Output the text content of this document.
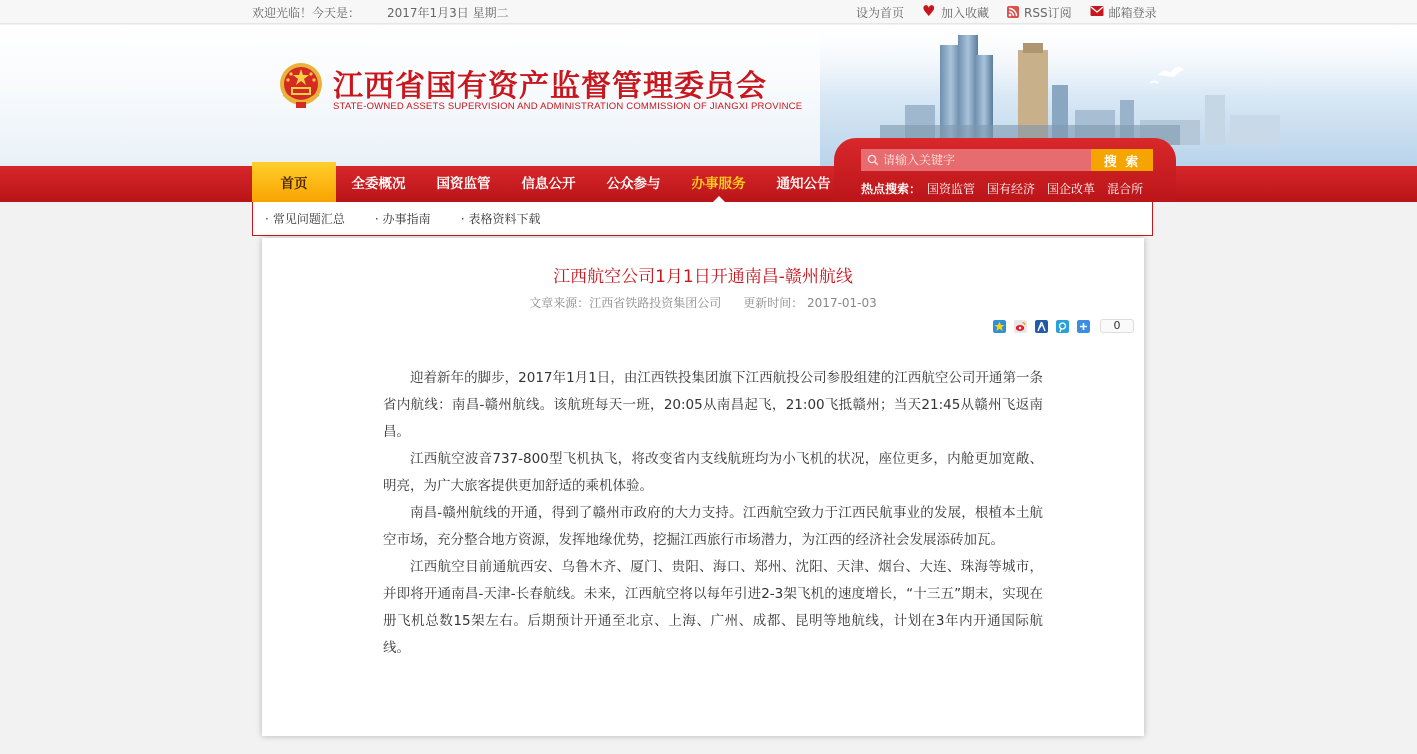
欢迎光临！今天是： 2017年1月3日 星期二	设为首页 ♥	加入收藏	RSS订阅	邮箱登录
江西省国有资产监督管理委员会
STATE-OWNED ASSETS SUPERVISION AND ADMINISTRATION COMMISSION OF JIANGXI PROVINCE
首页	全委概况	国资监管	信息公开	公众参与	办事服务	通知公告
请输入关键字
搜 索
热点搜索： 国资监管 国有经济 国企改革 混合所
· 常见问题汇总	· 办事指南	· 表格资料下载
江西航空公司1月1日开通南昌-赣州航线
文章来源：江西省铁路投资集团公司 更新时间： 2017-01-03
0

迎着新年的脚步，2017年1月1日，由江西铁投集团旗下江西航投公司参股组建的江西航空公司开通第一条省内航线：南昌-赣州航线。该航班每天一班，20:05从南昌起飞，21:00飞抵赣州；当天21:45从赣州飞返南昌。

江西航空波音737-800型飞机执飞，将改变省内支线航班均为小飞机的状况，座位更多，内舱更加宽敞、明亮，为广大旅客提供更加舒适的乘机体验。

南昌-赣州航线的开通，得到了赣州市政府的大力支持。江西航空致力于江西民航事业的发展，根植本土航空市场，充分整合地方资源，发挥地缘优势，挖掘江西旅行市场潜力，为江西的经济社会发展添砖加瓦。

江西航空目前通航西安、乌鲁木齐、厦门、贵阳、海口、郑州、沈阳、天津、烟台、大连、珠海等城市，并即将开通南昌-天津-长春航线。未来，江西航空将以每年引进2-3架飞机的速度增长，“十三五”期末，实现在册飞机总数15架左右。后期预计开通至北京、上海、广州、成都、昆明等地航线，计划在3年内开通国际航线。
